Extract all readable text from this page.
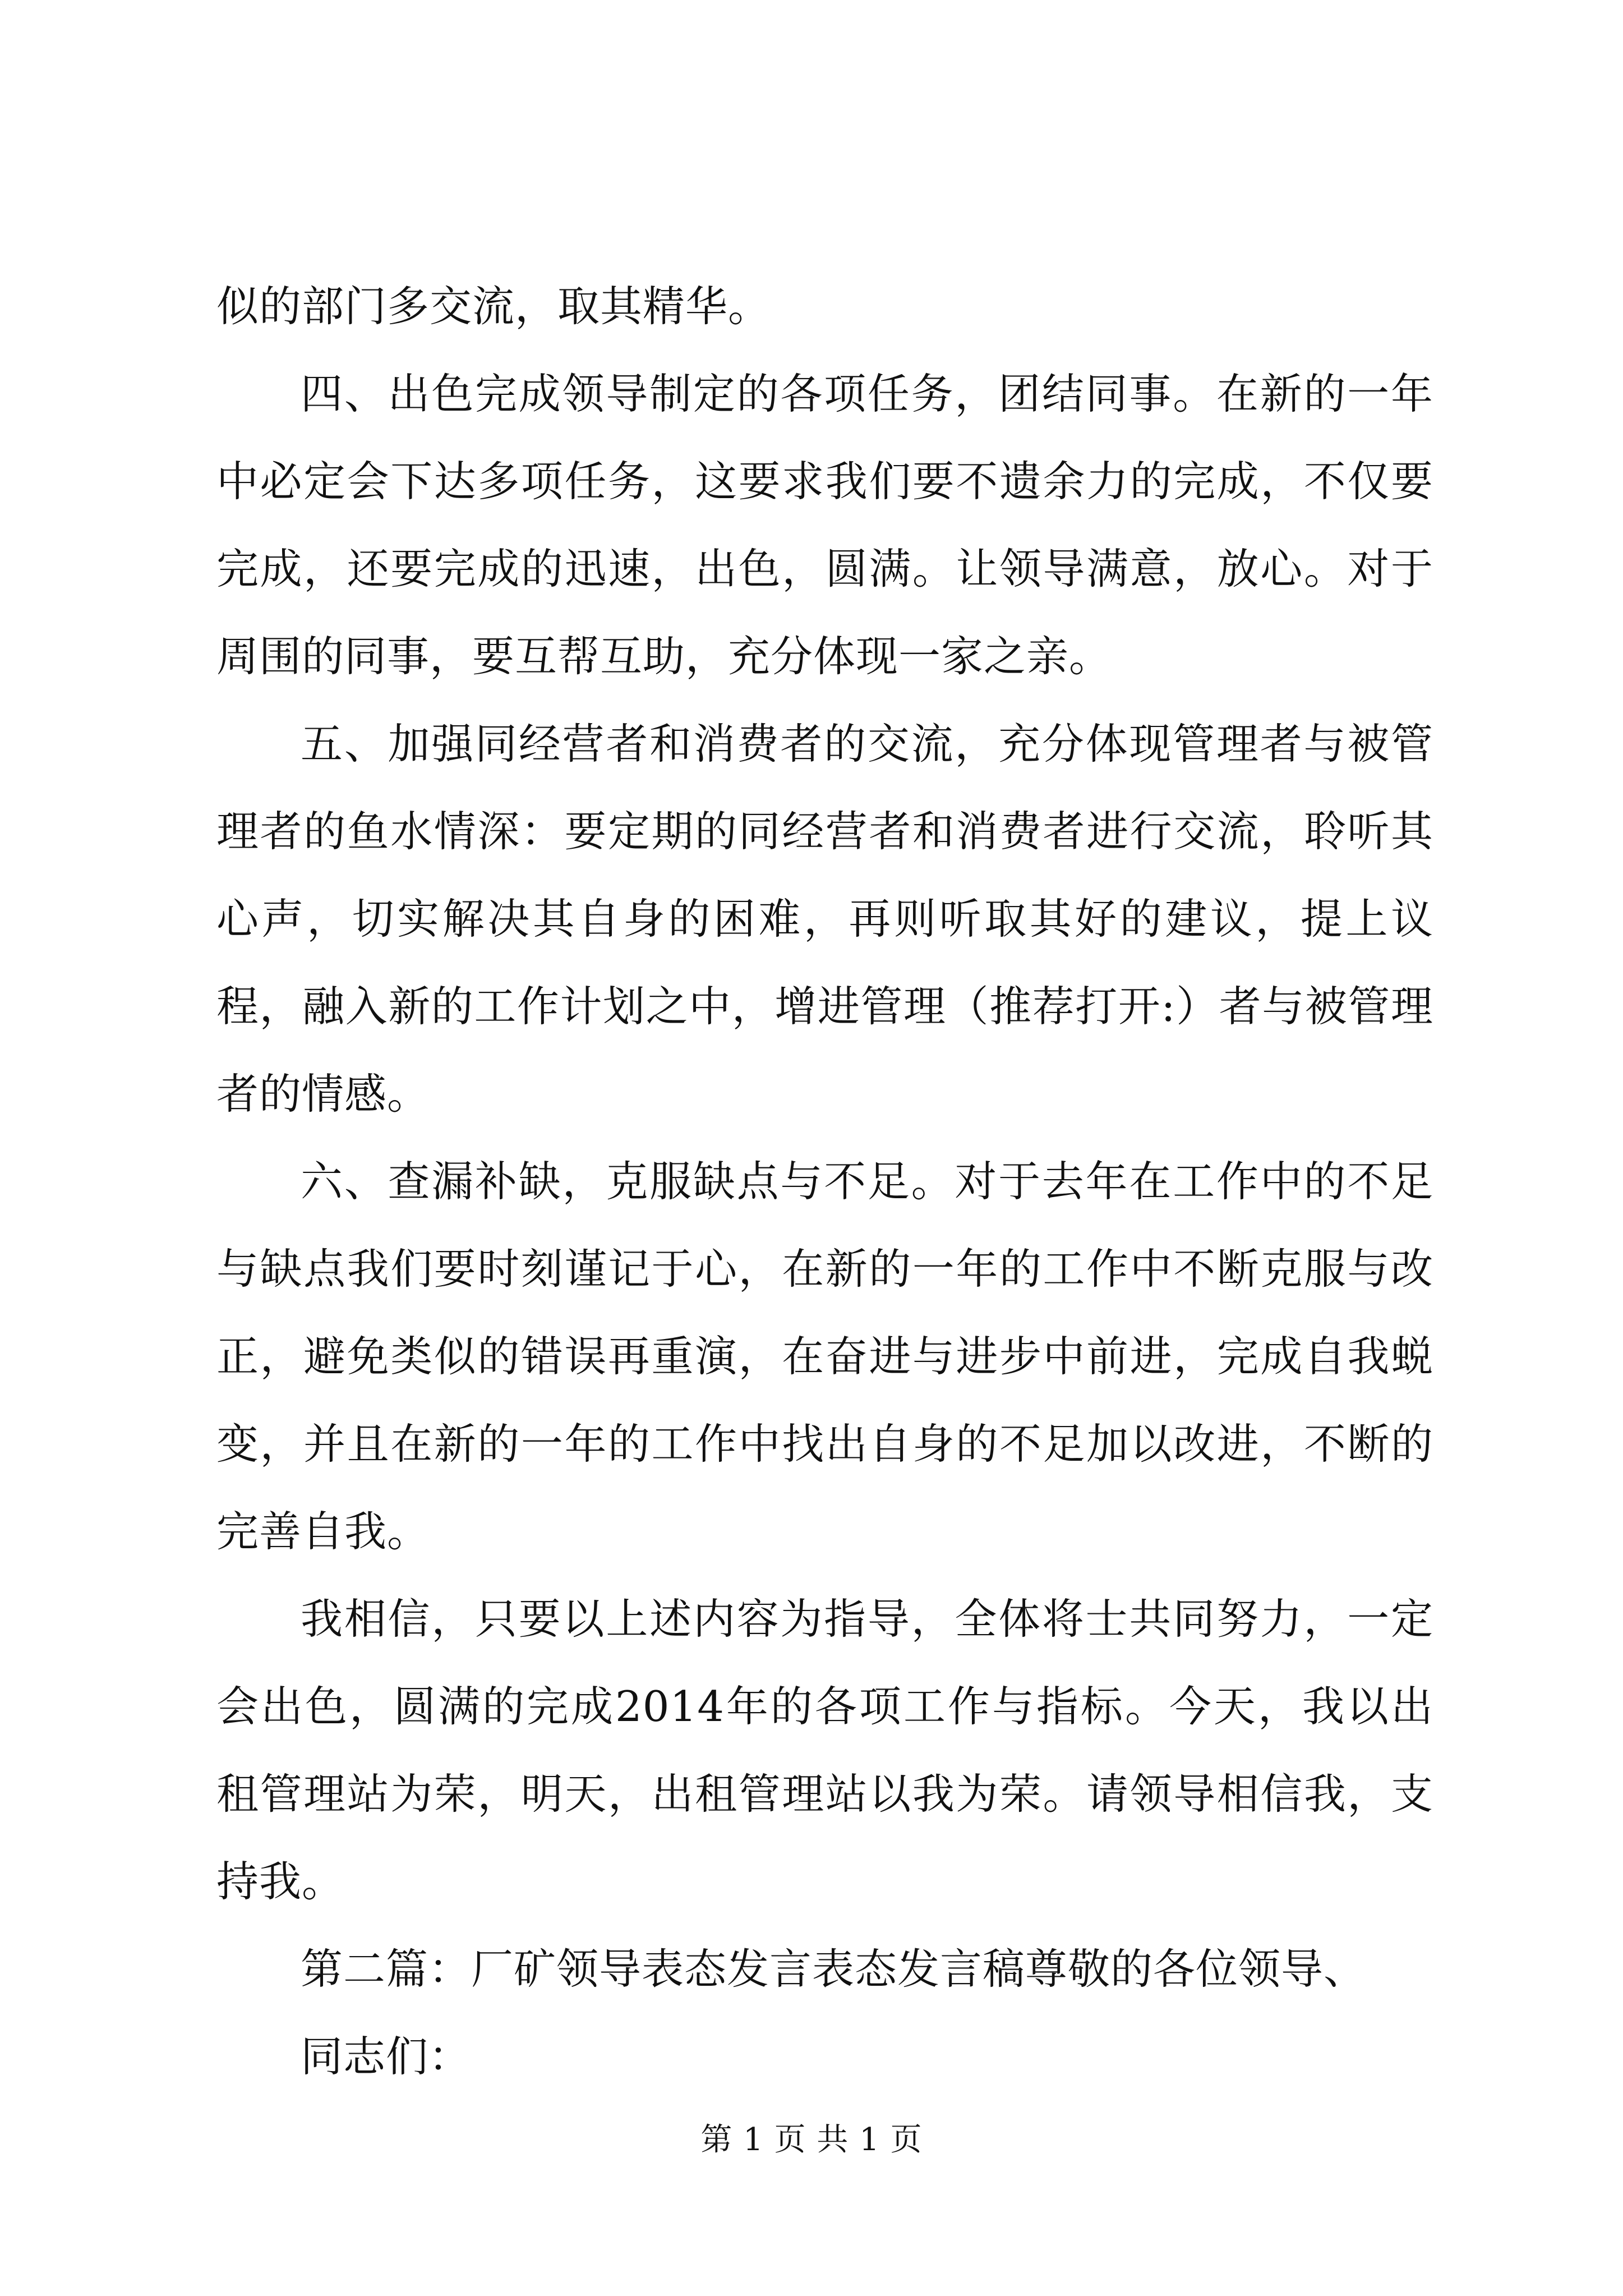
似的部门多交流，取其精华。

四、出色完成领导制定的各项任务，团结同事。在新的一年中必定会下达多项任务，这要求我们要不遗余力的完成，不仅要完成，还要完成的迅速，出色，圆满。让领导满意，放心。对于周围的同事，要互帮互助，充分体现一家之亲。

五、加强同经营者和消费者的交流，充分体现管理者与被管理者的鱼水情深：要定期的同经营者和消费者进行交流，聆听其心声，切实解决其自身的困难，再则听取其好的建议，提上议程，融入新的工作计划之中，增进管理（推荐打开:）者与被管理者的情感。

六、查漏补缺，克服缺点与不足。对于去年在工作中的不足与缺点我们要时刻谨记于心，在新的一年的工作中不断克服与改正，避免类似的错误再重演，在奋进与进步中前进，完成自我蜕变，并且在新的一年的工作中找出自身的不足加以改进，不断的完善自我。

我相信，只要以上述内容为指导，全体将士共同努力，一定会出色，圆满的完成2014年的各项工作与指标。今天，我以出租管理站为荣，明天，出租管理站以我为荣。请领导相信我，支持我。

第二篇：厂矿领导表态发言表态发言稿尊敬的各位领导、

同志们：

第 1 页 共 1 页
